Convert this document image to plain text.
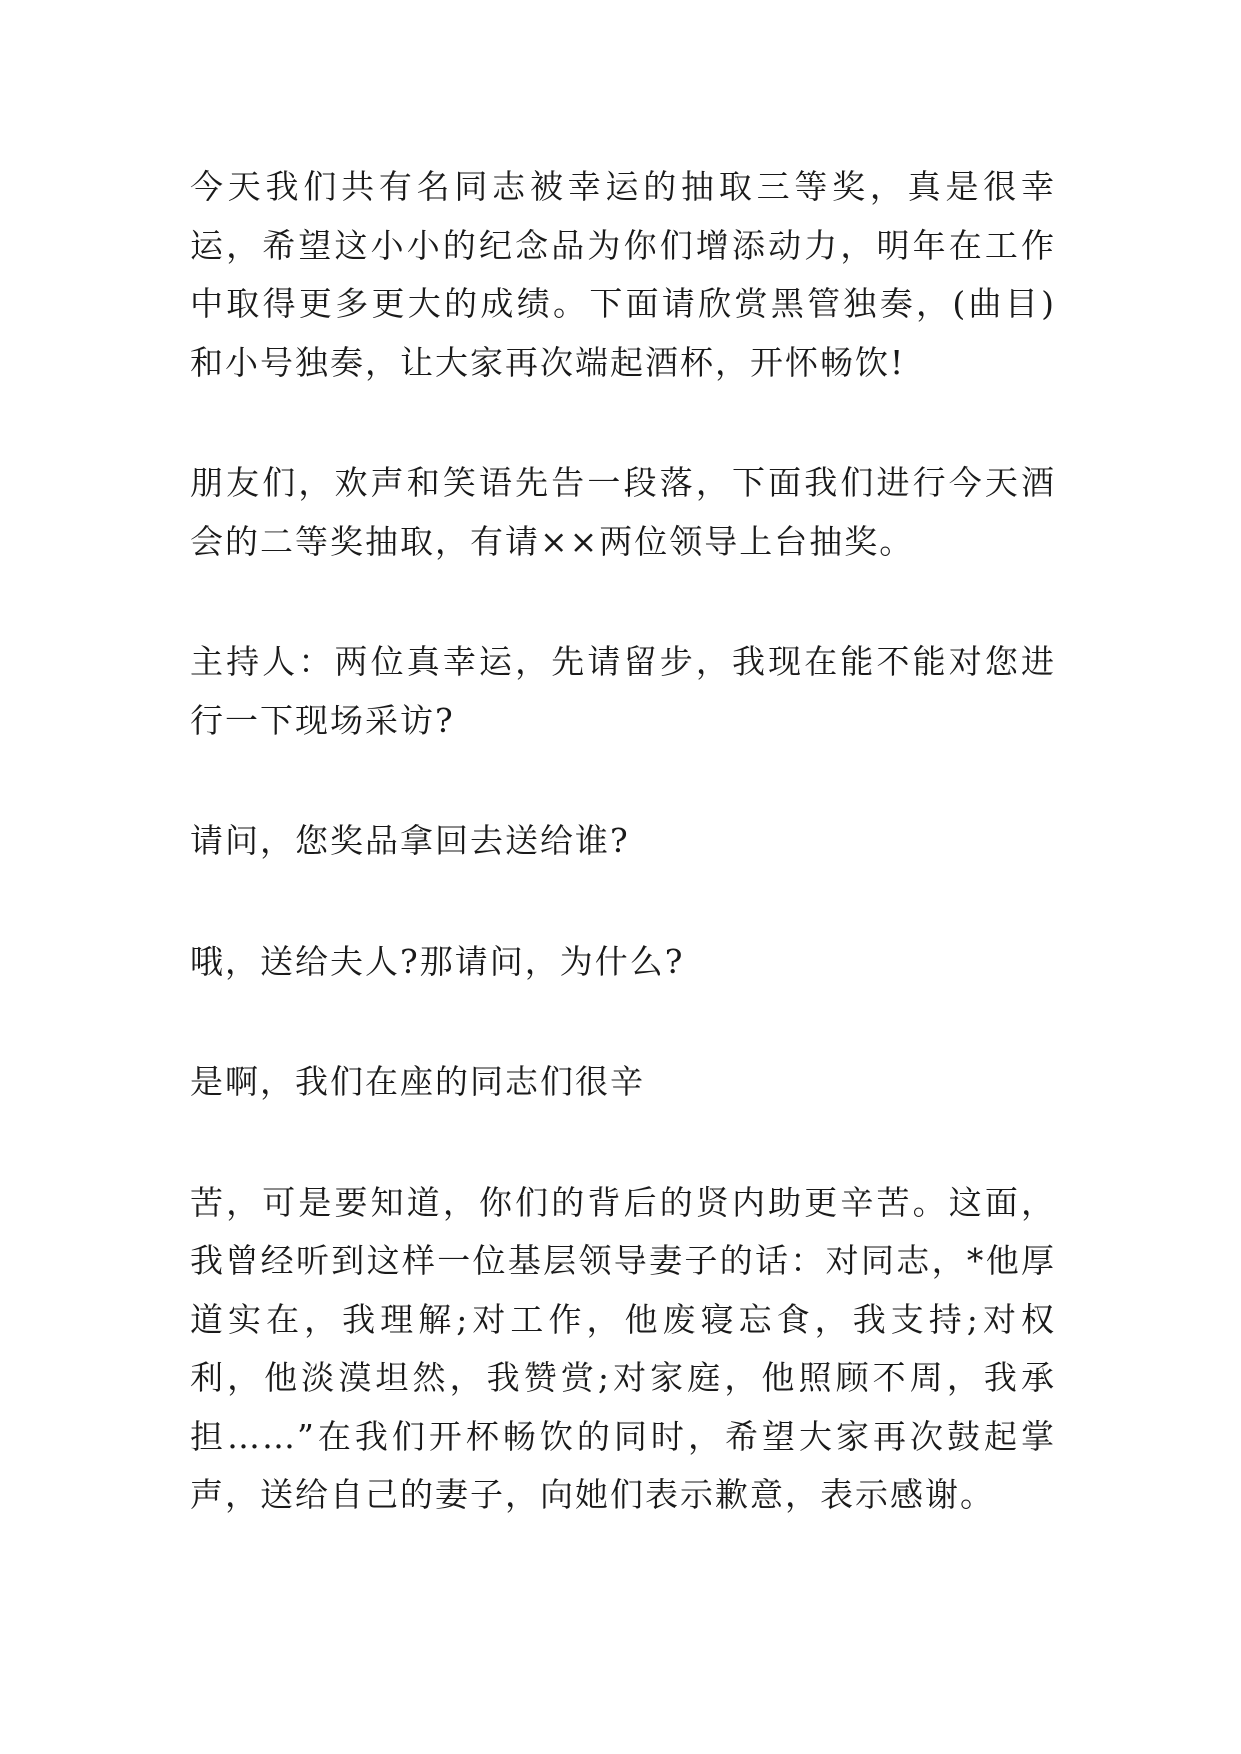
今天我们共有名同志被幸运的抽取三等奖，真是很幸运，希望这小小的纪念品为你们增添动力，明年在工作中取得更多更大的成绩。下面请欣赏黑管独奏，(曲目)和小号独奏，让大家再次端起酒杯，开怀畅饮!

朋友们，欢声和笑语先告一段落，下面我们进行今天酒会的二等奖抽取，有请××两位领导上台抽奖。

主持人：两位真幸运，先请留步，我现在能不能对您进行一下现场采访?

请问，您奖品拿回去送给谁?

哦，送给夫人?那请问，为什么?

是啊，我们在座的同志们很辛

苦，可是要知道，你们的背后的贤内助更辛苦。这面，我曾经听到这样一位基层领导妻子的话：对同志，*他厚道实在，我理解;对工作，他废寝忘食，我支持;对权利，他淡漠坦然，我赞赏;对家庭，他照顾不周，我承担……”在我们开杯畅饮的同时，希望大家再次鼓起掌声，送给自己的妻子，向她们表示歉意，表示感谢。
